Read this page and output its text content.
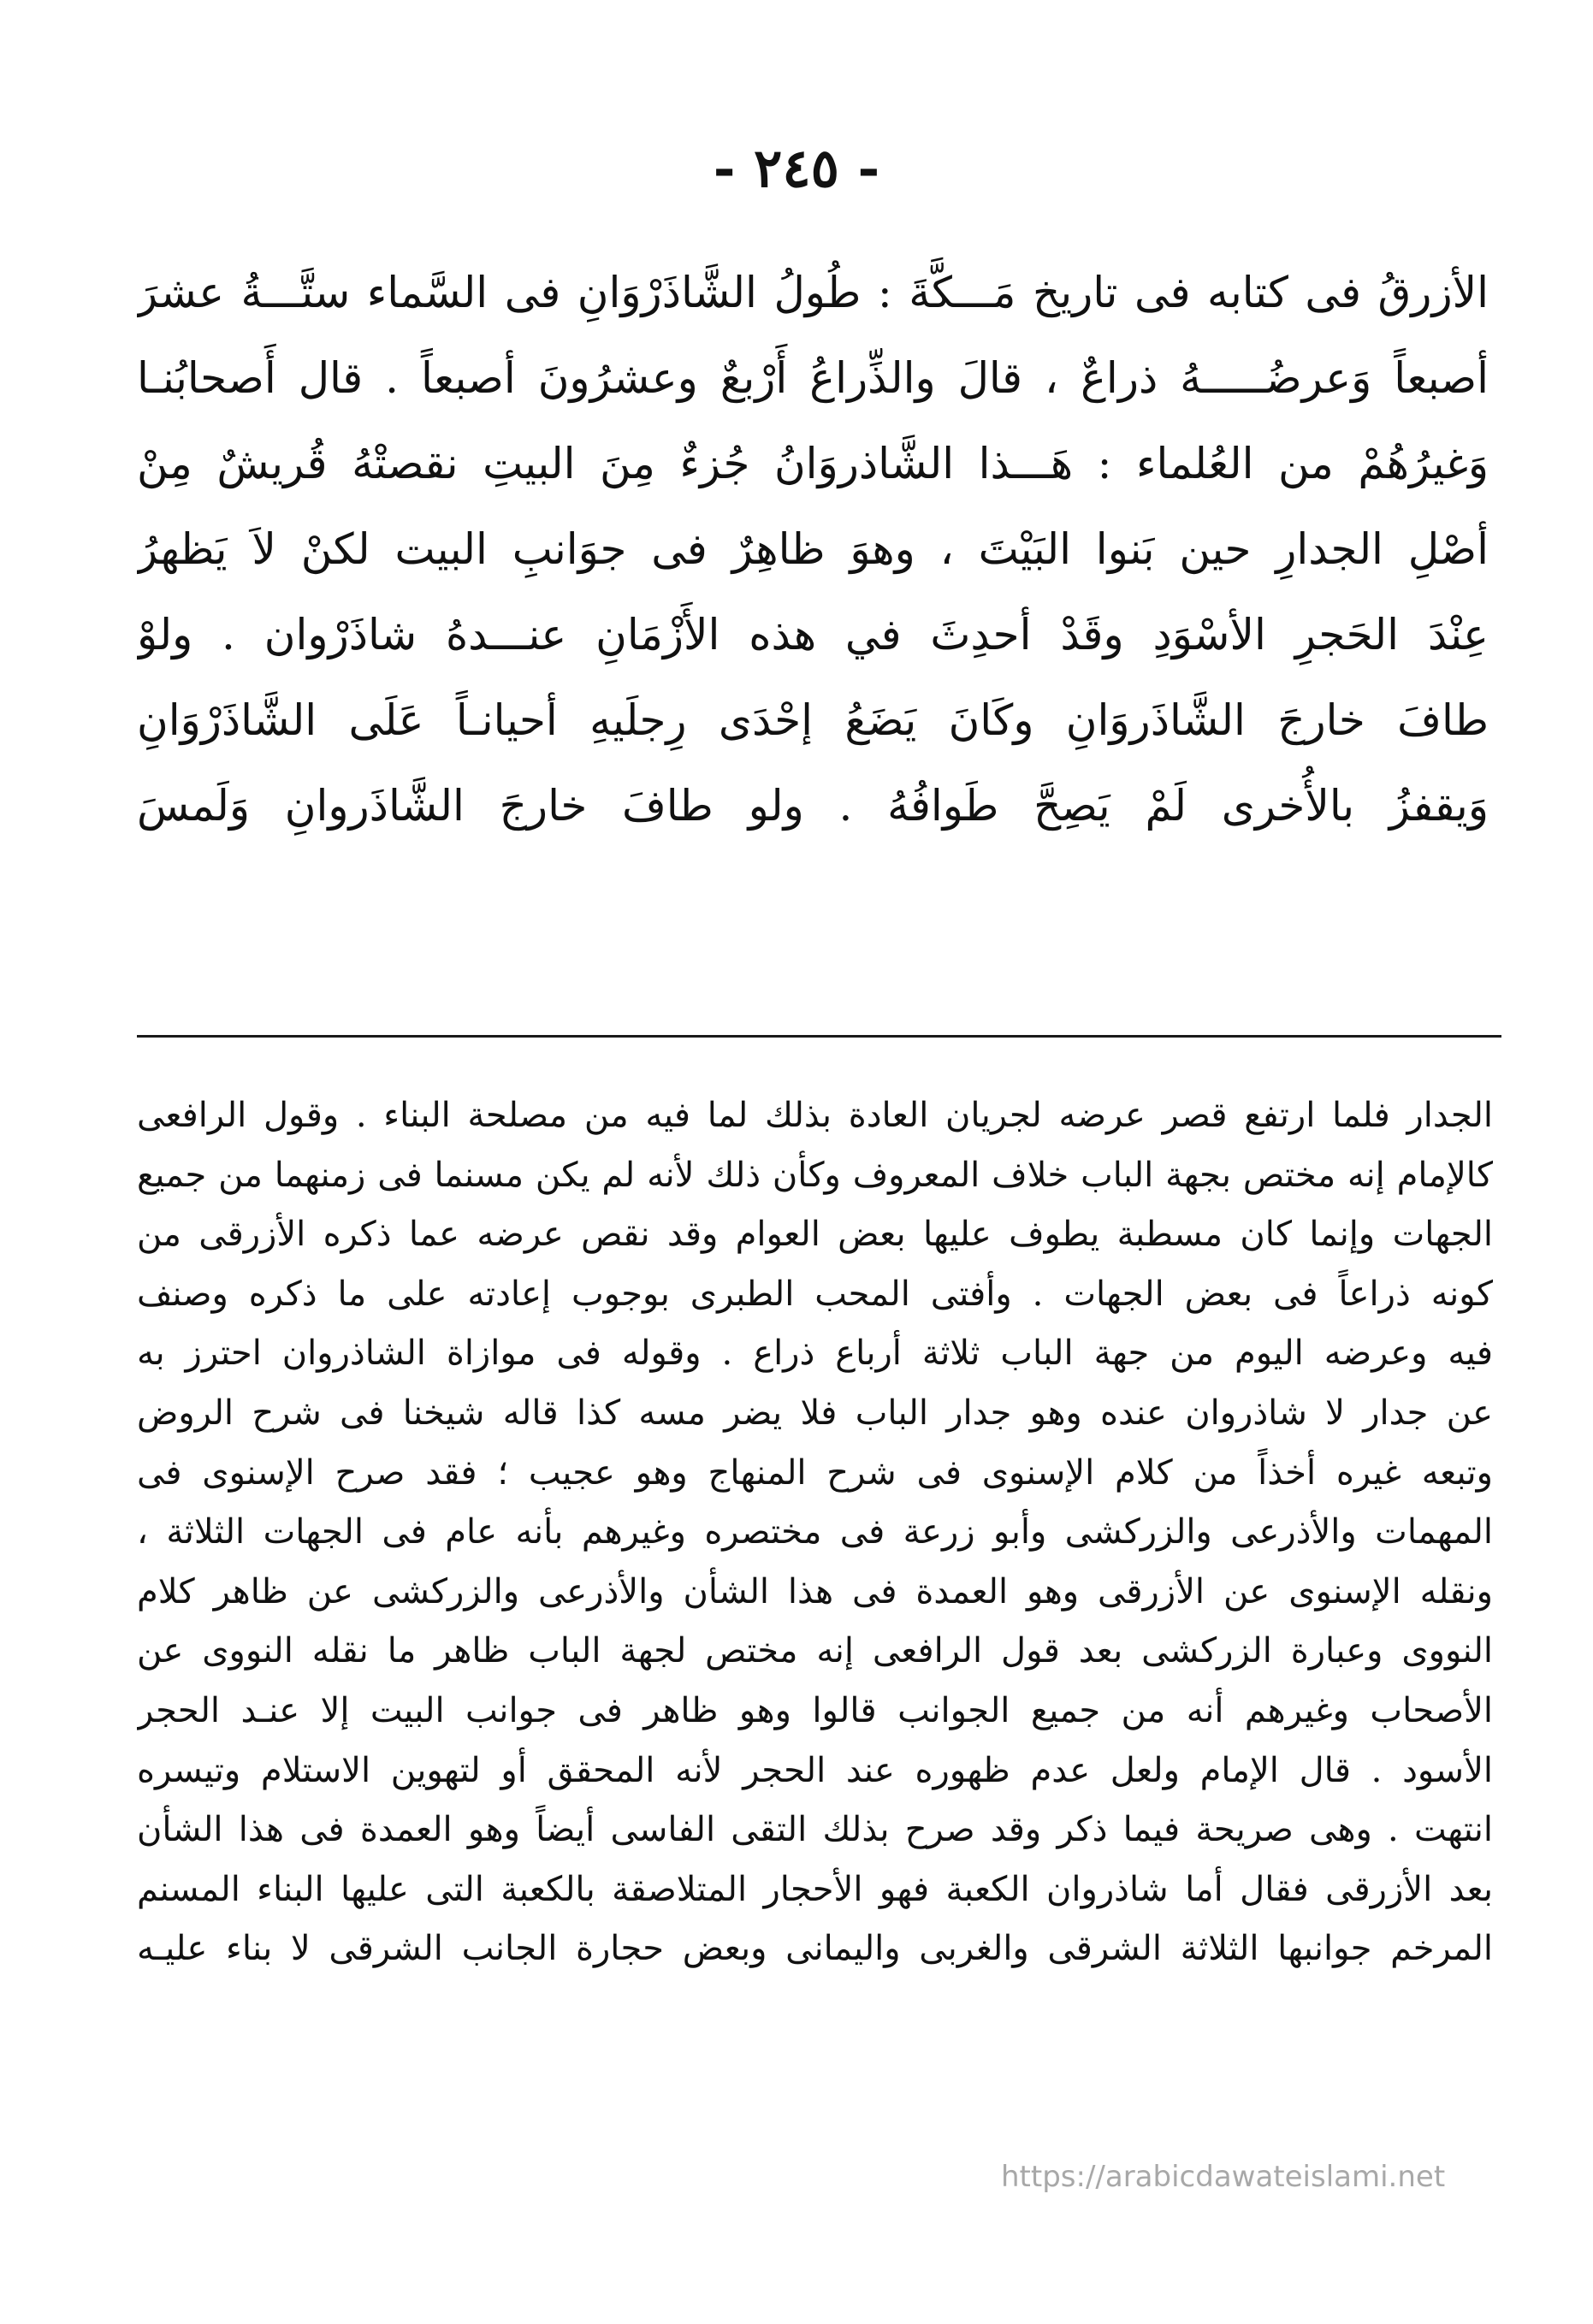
- ٢٤٥ -
الأزرقُ فى كتابه فى تاريخ مَـــكَّةَ : طُولُ الشَّاذَرْوَانِ فى السَّماء ستَّـــةُ عشرَ
أصبعاً وَعرضُـــــهُ ذراعٌ ، قالَ والذِّراعُ أَرْبعٌ وعشرُونَ أصبعاً . قال أَصحابُنـا
وَغيرُهُمْ من العُلماء : هَـــذا الشَّاذروَانُ جُزءٌ مِنَ البيتِ نقصتْهُ قُريشٌ مِنْ
أصْلِ الجدارِ حين بَنوا البَيْتَ ، وهوَ ظاهِرٌ فى جوَانبِ البيت لكنْ لاَ يَظهرُ
عِنْدَ الحَجرِ الأسْوَدِ وقَدْ أحدِثَ في هذه الأَزْمَانِ عنـــدهُ شاذَرْوان . ولوْ
طافَ خارجَ الشَّاذَروَانِ وكَانَ يَضَعُ إحْدَى رِجلَيهِ أحيانـاً عَلَى الشَّاذَرْوَانِ
وَيقفزُ بالأُخرى لَمْ يَصِحَّ طَوافُهُ . ولو طافَ خارجَ الشَّاذَروانِ وَلَمسَ
الجدار فلما ارتفع قصر عرضه لجريان العادة بذلك لما فيه من مصلحة البناء . وقول الرافعى
كالإمام إنه مختص بجهة الباب خلاف المعروف وكأن ذلك لأنه لم يكن مسنما فى زمنهما من جميع
الجهات وإنما كان مسطبة يطوف عليها بعض العوام وقد نقص عرضه عما ذكره الأزرقى من
كونه ذراعاً فى بعض الجهات . وأفتى المحب الطبرى بوجوب إعادته على ما ذكره وصنف
فيه وعرضه اليوم من جهة الباب ثلاثة أرباع ذراع . وقوله فى موازاة الشاذروان احترز به
عن جدار لا شاذروان عنده وهو جدار الباب فلا يضر مسه كذا قاله شيخنا فى شرح الروض
وتبعه غيره أخذاً من كلام الإسنوى فى شرح المنهاج وهو عجيب ؛ فقد صرح الإسنوى فى
المهمات والأذرعى والزركشى وأبو زرعة فى مختصره وغيرهم بأنه عام فى الجهات الثلاثة ،
ونقله الإسنوى عن الأزرقى وهو العمدة فى هذا الشأن والأذرعى والزركشى عن ظاهر كلام
النووى وعبارة الزركشى بعد قول الرافعى إنه مختص لجهة الباب ظاهر ما نقله النووى عن
الأصحاب وغيرهم أنه من جميع الجوانب قالوا وهو ظاهر فى جوانب البيت إلا عنـد الحجر
الأسود . قال الإمام ولعل عدم ظهوره عند الحجر لأنه المحقق أو لتهوين الاستلام وتيسره
انتهت . وهى صريحة فيما ذكر وقد صرح بذلك التقى الفاسى أيضاً وهو العمدة فى هذا الشأن
بعد الأزرقى فقال أما شاذروان الكعبة فهو الأحجار المتلاصقة بالكعبة التى عليها البناء المسنم
المرخم جوانبها الثلاثة الشرقى والغربى واليمانى وبعض حجارة الجانب الشرقى لا بناء عليـه
https://arabicdawateislami.net
